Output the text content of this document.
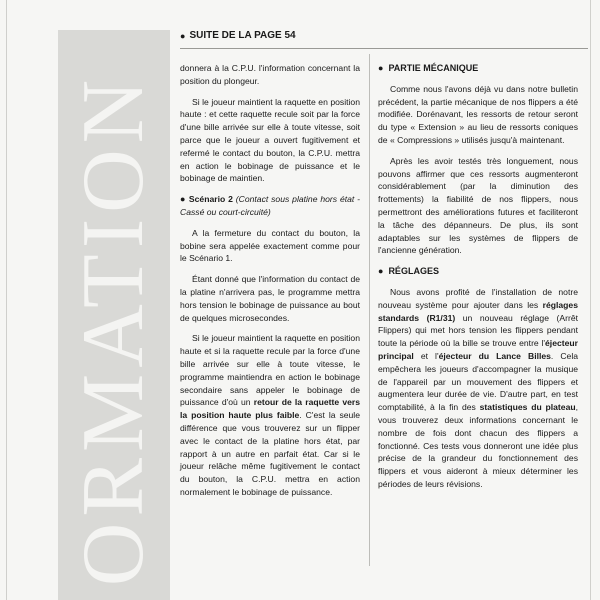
ORMATION
● SUITE DE LA PAGE 54

donnera à la C.P.U. l'information concernant la position du plongeur.

Si le joueur maintient la raquette en position haute : et cette raquette recule soit par la force d'une bille arrivée sur elle à toute vitesse, soit parce que le joueur a ouvert fugitivement et refermé le contact du bouton, la C.P.U. mettra en action le bobinage de puissance et le bobinage de maintien.

● Scénario 2 (Contact sous platine hors état - Cassé ou court-circuité)

A la fermeture du contact du bouton, la bobine sera appelée exactement comme pour le Scénario 1.

Étant donné que l'information du contact de la platine n'arrivera pas, le programme mettra hors tension le bobinage de puissance au bout de quelques microsecondes.

Si le joueur maintient la raquette en position haute et si la raquette recule par la force d'une bille arrivée sur elle à toute vitesse, le programme maintiendra en action le bobinage secondaire sans appeler le bobinage de puissance d'où un retour de la raquette vers la position haute plus faible. C'est la seule différence que vous trouverez sur un flipper avec le contact de la platine hors état, par rapport à un autre en parfait état. Car si le joueur relâche même fugitivement le contact du bouton, la C.P.U. mettra en action normalement le bobinage de puissance.

● PARTIE MÉCANIQUE

Comme nous l'avons déjà vu dans notre bulletin précédent, la partie mécanique de nos flippers a été modifiée. Dorénavant, les ressorts de retour seront du type « Extension » au lieu de ressorts coniques de « Compressions » utilisés jusqu'à maintenant.

Après les avoir testés très longuement, nous pouvons affirmer que ces ressorts augmenteront considérablement (par la diminution des frottements) la fiabilité de nos flippers, nous permettront des améliorations futures et faciliteront la tâche des dépanneurs. De plus, ils sont adaptables sur les systèmes de flippers de l'ancienne génération.

● RÉGLAGES

Nous avons profité de l'installation de notre nouveau système pour ajouter dans les réglages standards (R1/31) un nouveau réglage (Arrêt Flippers) qui met hors tension les flippers pendant toute la période où la bille se trouve entre l'éjecteur principal et l'éjecteur du Lance Billes. Cela empêchera les joueurs d'accompagner la musique de l'appareil par un mouvement des flippers et augmentera leur durée de vie. D'autre part, en test comptabilité, à la fin des statistiques du plateau, vous trouverez deux informations concernant le nombre de fois dont chacun des flippers a fonctionné. Ces tests vous donneront une idée plus précise de la grandeur du fonctionnement des flippers et vous aideront à mieux déterminer les périodes de leurs révisions.
